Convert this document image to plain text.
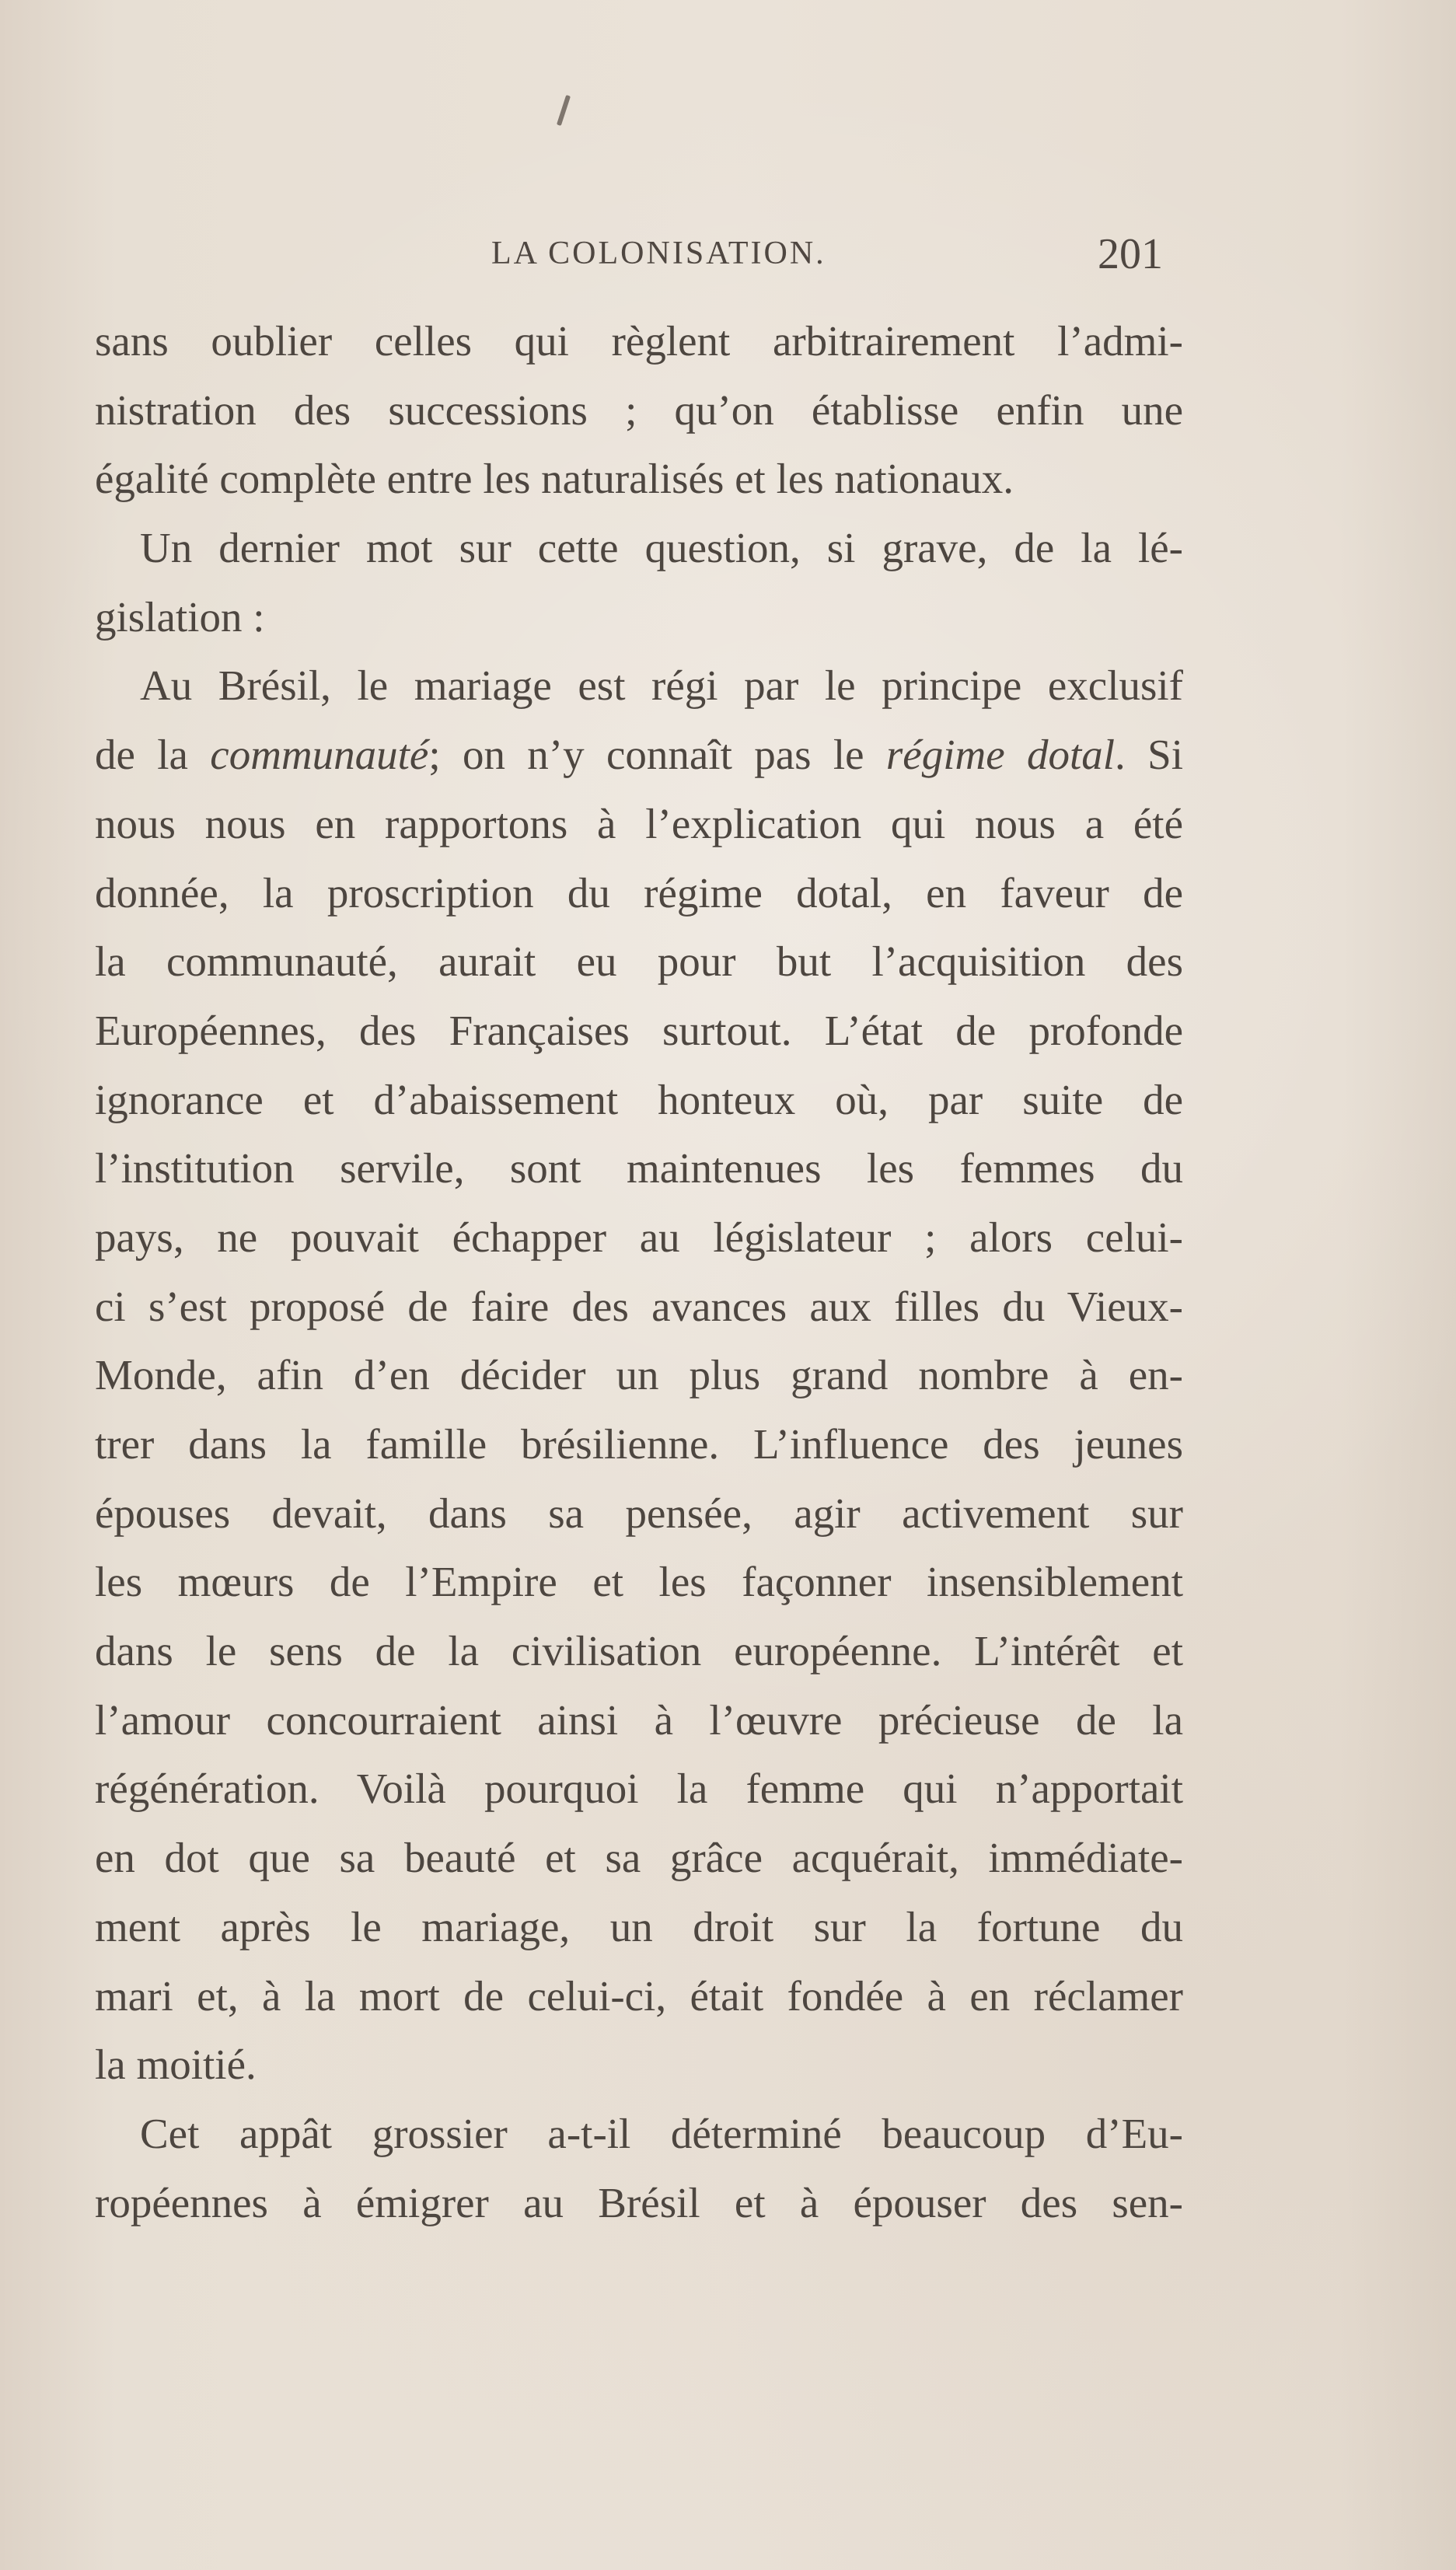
LA COLONISATION.	201
sans oublier celles qui règlent arbitrairement l’admi-
nistration des successions ; qu’on établisse enfin une
égalité complète entre les naturalisés et les nationaux.
Un dernier mot sur cette question, si grave, de la lé-
gislation :
Au Brésil, le mariage est régi par le principe exclusif
de la communauté; on n’y connaît pas le régime dotal. Si
nous nous en rapportons à l’explication qui nous a été
donnée, la proscription du régime dotal, en faveur de
la communauté, aurait eu pour but l’acquisition des
Européennes, des Françaises surtout. L’état de profonde
ignorance et d’abaissement honteux où, par suite de
l’institution servile, sont maintenues les femmes du
pays, ne pouvait échapper au législateur ; alors celui-
ci s’est proposé de faire des avances aux filles du Vieux-
Monde, afin d’en décider un plus grand nombre à en-
trer dans la famille brésilienne. L’influence des jeunes
épouses devait, dans sa pensée, agir activement sur
les mœurs de l’Empire et les façonner insensiblement
dans le sens de la civilisation européenne. L’intérêt et
l’amour concourraient ainsi à l’œuvre précieuse de la
régénération. Voilà pourquoi la femme qui n’apportait
en dot que sa beauté et sa grâce acquérait, immédiate-
ment après le mariage, un droit sur la fortune du
mari et, à la mort de celui-ci, était fondée à en réclamer
la moitié.
Cet appât grossier a-t-il déterminé beaucoup d’Eu-
ropéennes à émigrer au Brésil et à épouser des sen-
